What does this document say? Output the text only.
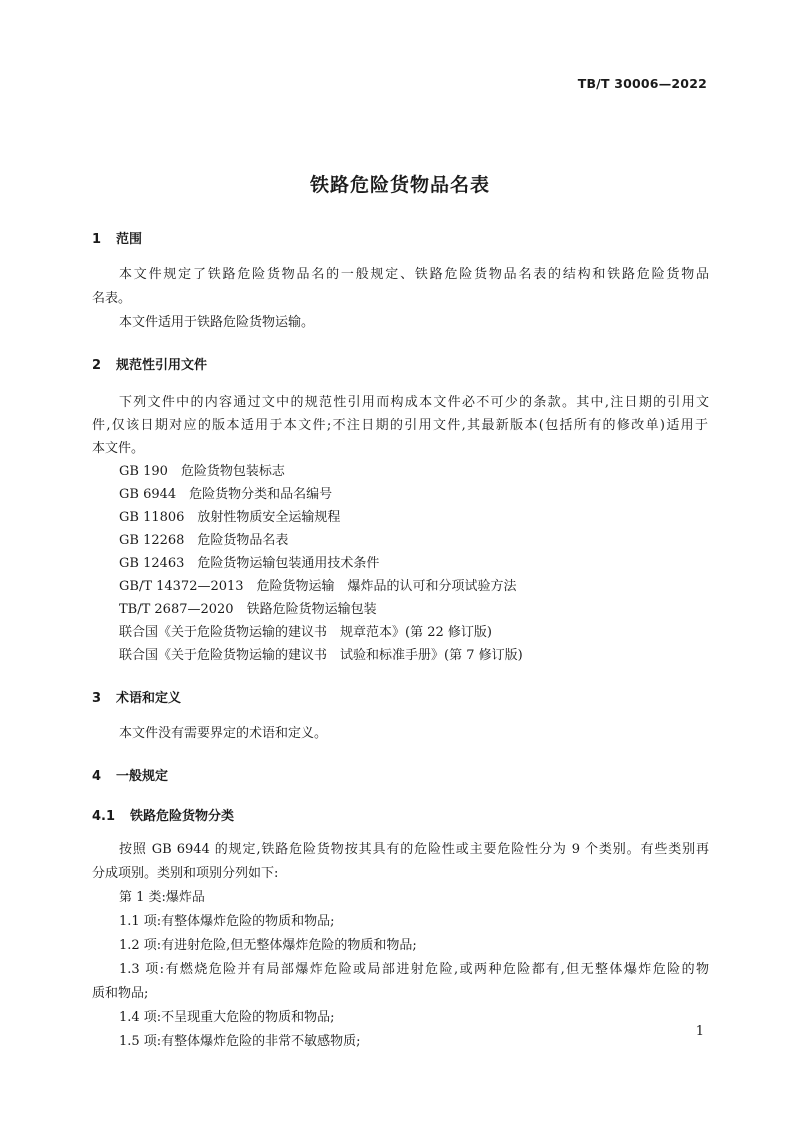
TB/T 30006—2022
铁路危险货物品名表
1 范围
本文件规定了铁路危险货物品名的一般规定、铁路危险货物品名表的结构和铁路危险货物品
名表。
本文件适用于铁路危险货物运输。
2 规范性引用文件
下列文件中的内容通过文中的规范性引用而构成本文件必不可少的条款。其中,注日期的引用文
件,仅该日期对应的版本适用于本文件;不注日期的引用文件,其最新版本(包括所有的修改单)适用于
本文件。
GB 190　危险货物包装标志
GB 6944　危险货物分类和品名编号
GB 11806　放射性物质安全运输规程
GB 12268　危险货物品名表
GB 12463　危险货物运输包装通用技术条件
GB/T 14372—2013　危险货物运输　爆炸品的认可和分项试验方法
TB/T 2687—2020　铁路危险货物运输包装
联合国《关于危险货物运输的建议书　规章范本》(第 22 修订版)
联合国《关于危险货物运输的建议书　试验和标准手册》(第 7 修订版)
3 术语和定义
本文件没有需要界定的术语和定义。
4 一般规定
4.1 铁路危险货物分类
按照 GB 6944 的规定,铁路危险货物按其具有的危险性或主要危险性分为 9 个类别。有些类别再
分成项别。类别和项别分列如下:
第 1 类:爆炸品
1.1 项:有整体爆炸危险的物质和物品;
1.2 项:有进射危险,但无整体爆炸危险的物质和物品;
1.3 项:有燃烧危险并有局部爆炸危险或局部进射危险,或两种危险都有,但无整体爆炸危险的物
质和物品;
1.4 项:不呈现重大危险的物质和物品;
1.5 项:有整体爆炸危险的非常不敏感物质;
1
